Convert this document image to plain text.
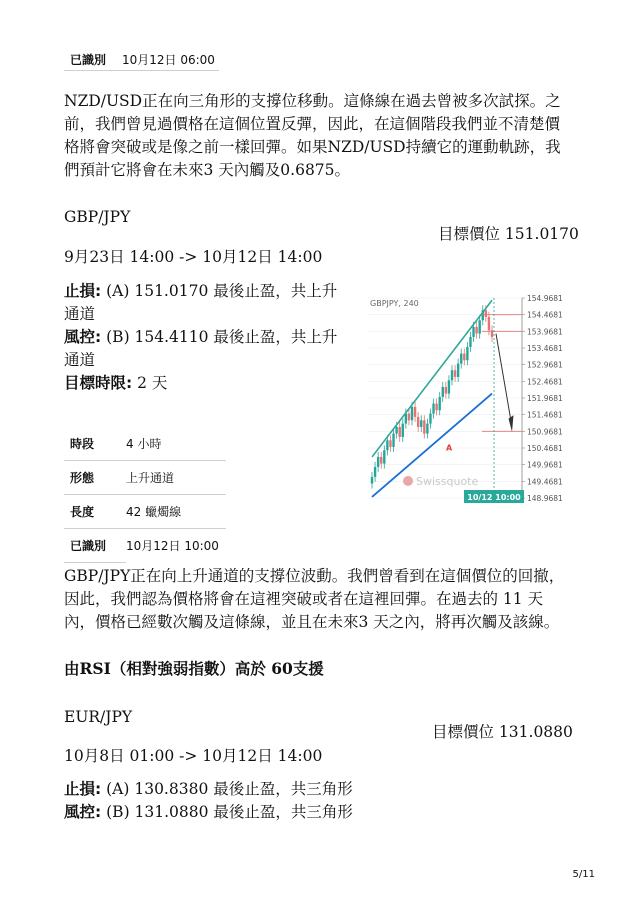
已識別 10月12日 06:00

NZD/USD正在向三角形的支撐位移動。這條線在過去曾被多次試探。之前，我們曾見過價格在這個位置反彈，因此，在這個階段我們並不清楚價格將會突破或是像之前一樣回彈。如果NZD/USD持續它的運動軌跡，我們預計它將會在未來3 天內觸及0.6875。

GBP/JPY
目標價位 151.0170
9月23日 14:00 -> 10月12日 14:00
止損: (A) 151.0170 最後止盈，共上升通道
風控: (B) 154.4110 最後止盈，共上升通道
目標時限: 2 天
時段	4 小時
形態	上升通道
長度	42 蠟燭線
已識別	10月12日 10:00
GBPJPY, 240
154.9681
154.4681
153.9681
153.4681
152.9681
152.4681
151.9681
151.4681
150.9681
150.4681
149.9681
149.4681
148.9681
A
Swissquote
10/12 10:00

GBP/JPY正在向上升通道的支撐位波動。我們曾看到在這個價位的回撤，因此，我們認為價格將會在這裡突破或者在這裡回彈。在過去的 11 天內，價格已經數次觸及這條線，並且在未來3 天之內，將再次觸及該線。

由RSI（相對強弱指數）高於 60支援
EUR/JPY
目標價位 131.0880
10月8日 01:00 -> 10月12日 14:00
止損: (A) 130.8380 最後止盈，共三角形
風控: (B) 131.0880 最後止盈，共三角形
5/11
